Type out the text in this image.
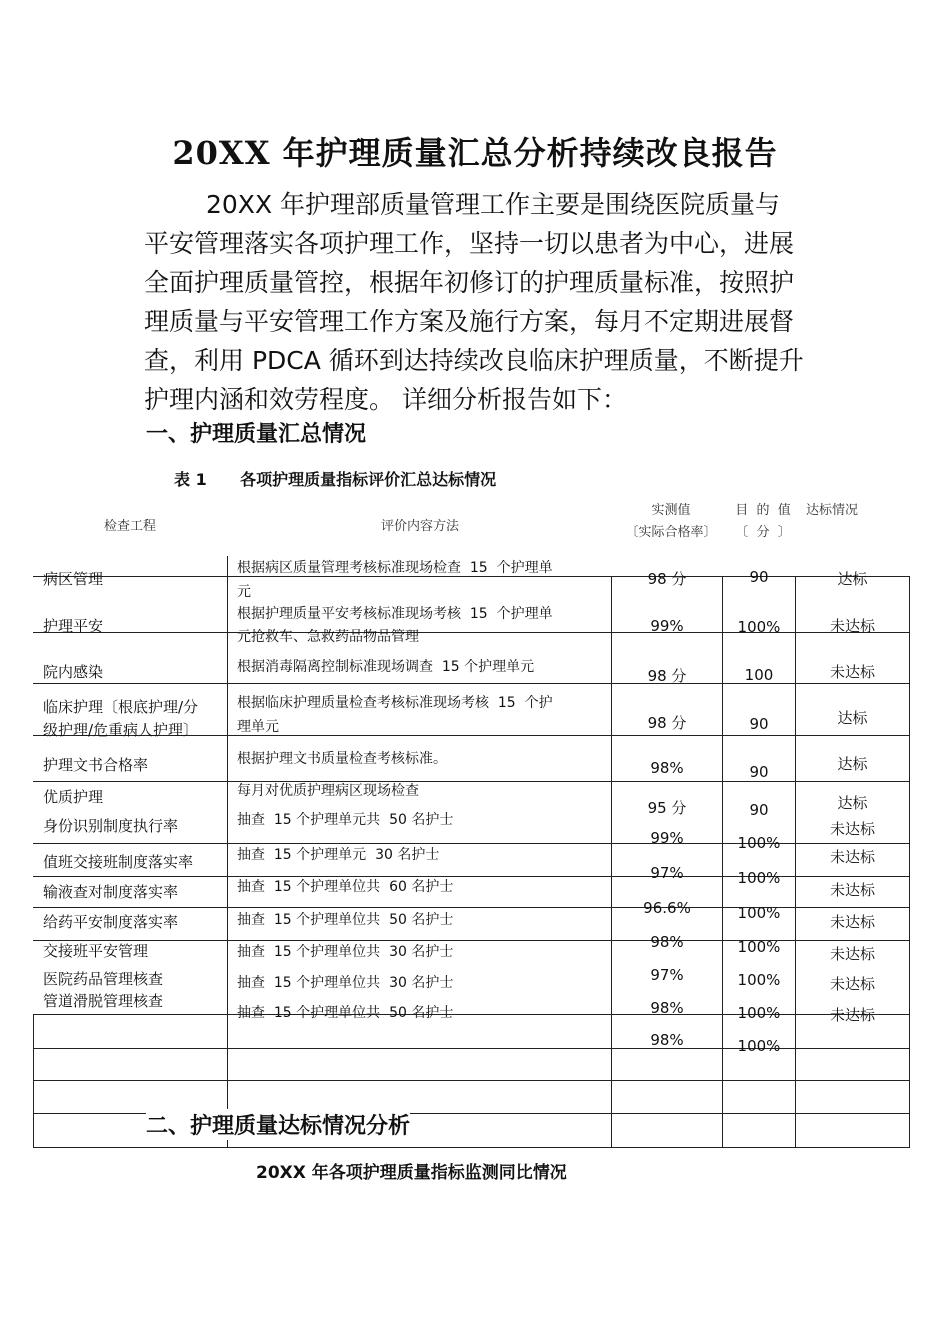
20XX 年护理质量汇总分析持续改良报告
20XX 年护理部质量管理工作主要是围绕医院质量与
平安管理落实各项护理工作，坚持一切以患者为中心，进展
全面护理质量管控，根据年初修订的护理质量标准，按照护
理质量与平安管理工作方案及施行方案，每月不定期进展督
查，利用 PDCA 循环到达持续改良临床护理质量，不断提升
护理内涵和效劳程度。 详细分析报告如下：
一、护理质量汇总情况
表 1      各项护理质量指标评价汇总达标情况
检查工程	评价内容方法
实测值
〔实际合格率〕
目  的  值
〔  分  〕
达标情况
病区管理
护理平安
院内感染
临床护理〔根底护理/分
级护理/危重病人护理〕
护理文书合格率
优质护理
身份识别制度执行率
值班交接班制度落实率
输液查对制度落实率
给药平安制度落实率
交接班平安管理
医院药品管理核查
管道滑脱管理核查
根据病区质量管理考核标准现场检查  15  个护理单
元
根据护理质量平安考核标准现场考核  15  个护理单
元抢救车、急救药品物品管理
根据消毒隔离控制标准现场调查  15 个护理单元
根据临床护理质量检查考核标准现场考核  15  个护
理单元
根据护理文书质量检查考核标准。
每月对优质护理病区现场检查
抽查  15 个护理单元共  50 名护士
抽查  15 个护理单元  30 名护士
抽查  15 个护理单位共  60 名护士
抽查  15 个护理单位共  50 名护士
抽查  15 个护理单位共  30 名护士
抽查  15 个护理单位共  30 名护士
抽查  15 个护理单位共  50 名护士
98 分
99%
98 分
98 分
98%
95 分
99%
97%
96.6%
98%
97%
98%
98%
90
100%
100
90
90
90
100%
100%
100%
100%
100%
100%
100%
达标
未达标
未达标
达标
达标
达标
未达标
未达标
未达标
未达标
未达标
未达标
未达标
二、护理质量达标情况分析
20XX 年各项护理质量指标监测同比情况
